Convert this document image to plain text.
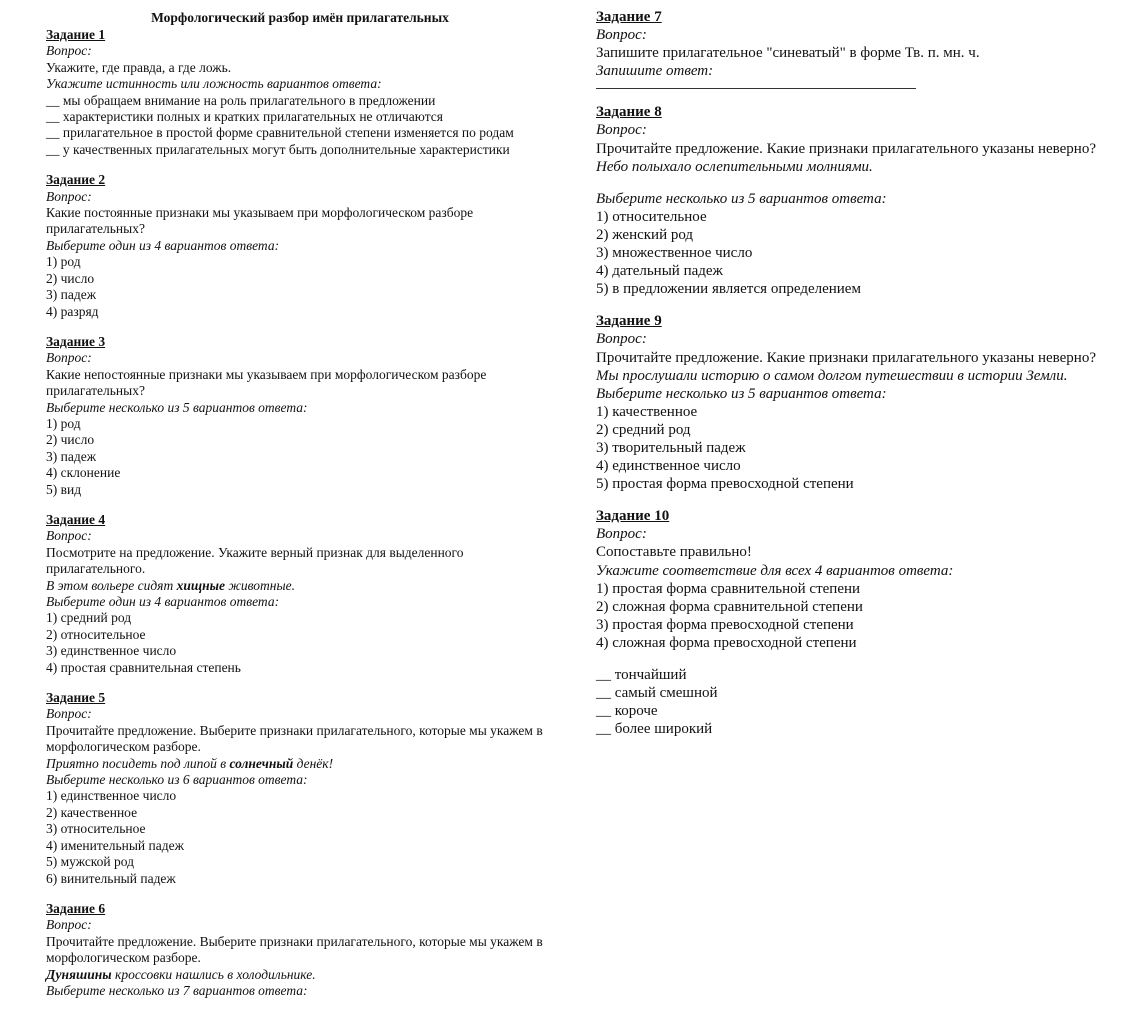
Морфологический разбор имён прилагательных
Задание 1
Вопрос:
Укажите, где правда, а где ложь.
Укажите истинность или ложность вариантов ответа:
__ мы обращаем внимание на роль прилагательного в предложении
__ характеристики полных и кратких прилагательных не отличаются
__ прилагательное в простой форме сравнительной степени изменяется по родам
__ у качественных прилагательных могут быть дополнительные характеристики
Задание 2
Вопрос:
Какие постоянные признаки мы указываем при морфологическом разборе прилагательных?
Выберите один из 4 вариантов ответа:
1) род
2) число
3) падеж
4) разряд
Задание 3
Вопрос:
Какие непостоянные признаки мы указываем при морфологическом разборе прилагательных?
Выберите несколько из 5 вариантов ответа:
1) род
2) число
3) падеж
4) склонение
5) вид
Задание 4
Вопрос:
Посмотрите на предложение. Укажите верный признак для выделенного прилагательного.
В этом вольере сидят хищные животные.
Выберите один из 4 вариантов ответа:
1) средний род
2) относительное
3) единственное число
4) простая сравнительная степень
Задание 5
Вопрос:
Прочитайте предложение. Выберите признаки прилагательного, которые мы укажем в морфологическом разборе.
Приятно посидеть под липой в солнечный денёк!
Выберите несколько из 6 вариантов ответа:
1) единственное число
2) качественное
3) относительное
4) именительный падеж
5) мужской род
6) винительный падеж
Задание 6
Вопрос:
Прочитайте предложение. Выберите признаки прилагательного, которые мы укажем в морфологическом разборе.
Дуняшины кроссовки нашлись в холодильнике.
Выберите несколько из 7 вариантов ответа:
Задание 7
Вопрос:
Запишите прилагательное "синеватый" в форме Тв. п. мн. ч.
Запишите ответ:
Задание 8
Вопрос:
Прочитайте предложение. Какие признаки прилагательного указаны неверно?
Небо полыхало ослепительными молниями.
Выберите несколько из 5 вариантов ответа:
1) относительное
2) женский род
3) множественное число
4) дательный падеж
5) в предложении является определением
Задание 9
Вопрос:
Прочитайте предложение. Какие признаки прилагательного указаны неверно?
Мы прослушали историю о самом долгом путешествии в истории Земли.
Выберите несколько из 5 вариантов ответа:
1) качественное
2) средний род
3) творительный падеж
4) единственное число
5) простая форма превосходной степени
Задание 10
Вопрос:
Сопоставьте правильно!
Укажите соответствие для всех 4 вариантов ответа:
1) простая форма сравнительной степени
2) сложная форма сравнительной степени
3) простая форма превосходной степени
4) сложная форма превосходной степени
__ тончайший
__ самый смешной
__ короче
__ более широкий
